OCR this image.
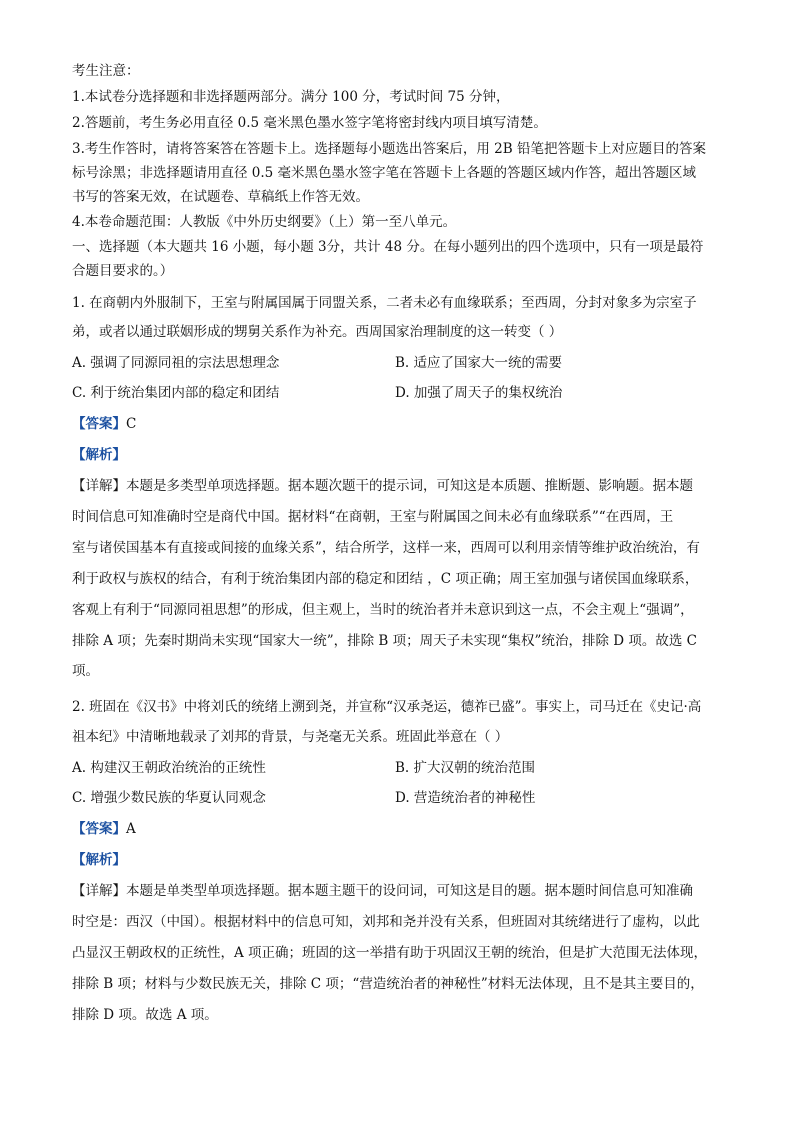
考生注意：
1.本试卷分选择题和非选择题两部分。满分 100 分，考试时间 75 分钟，
2.答题前，考生务必用直径 0.5 毫米黑色墨水签字笔将密封线内项目填写清楚。
3.考生作答时，请将答案答在答题卡上。选择题每小题选出答案后，用 2B 铅笔把答题卡上对应题目的答案
标号涂黑；非选择题请用直径 0.5 毫米黑色墨水签字笔在答题卡上各题的答题区域内作答，超出答题区域
书写的答案无效，在试题卷、草稿纸上作答无效。
4.本卷命题范围：人教版《中外历史纲要》（上）第一至八单元。
一、选择题（本大题共 16 小题，每小题 3分，共计 48 分。在每小题列出的四个选项中，只有一项是最符
合题目要求的。）
1. 在商朝内外服制下，王室与附属国属于同盟关系，二者未必有血缘联系；至西周，分封对象多为宗室子
弟，或者以通过联姻形成的甥舅关系作为补充。西周国家治理制度的这一转变（ ）
A. 强调了同源同祖的宗法思想理念	B. 适应了国家大一统的需要
C. 利于统治集团内部的稳定和团结	D. 加强了周天子的集权统治
【答案】C
【解析】
【详解】本题是多类型单项选择题。据本题次题干的提示词，可知这是本质题、推断题、影响题。据本题
时间信息可知准确时空是商代中国。据材料“在商朝，王室与附属国之间未必有血缘联系”“在西周，王
室与诸侯国基本有直接或间接的血缘关系”，结合所学，这样一来，西周可以利用亲情等维护政治统治，有
利于政权与族权的结合，有利于统治集团内部的稳定和团结 ，C 项正确；周王室加强与诸侯国血缘联系，
客观上有利于“同源同祖思想”的形成，但主观上，当时的统治者并未意识到这一点，不会主观上“强调”，
排除 A 项；先秦时期尚未实现“国家大一统”，排除 B 项；周天子未实现“集权”统治，排除 D 项。故选 C
项。
2. 班固在《汉书》中将刘氏的统绪上溯到尧，并宣称“汉承尧运，德祚已盛”。事实上，司马迁在《史记·高
祖本纪》中清晰地载录了刘邦的背景，与尧毫无关系。班固此举意在（ ）
A. 构建汉王朝政治统治的正统性	B. 扩大汉朝的统治范围
C. 增强少数民族的华夏认同观念	D. 营造统治者的神秘性
【答案】A
【解析】
【详解】本题是单类型单项选择题。据本题主题干的设问词，可知这是目的题。据本题时间信息可知准确
时空是：西汉（中国）。根据材料中的信息可知，刘邦和尧并没有关系，但班固对其统绪进行了虚构，以此
凸显汉王朝政权的正统性，A 项正确；班固的这一举措有助于巩固汉王朝的统治，但是扩大范围无法体现，
排除 B 项；材料与少数民族无关，排除 C 项；“营造统治者的神秘性”材料无法体现，且不是其主要目的，
排除 D 项。故选 A 项。
